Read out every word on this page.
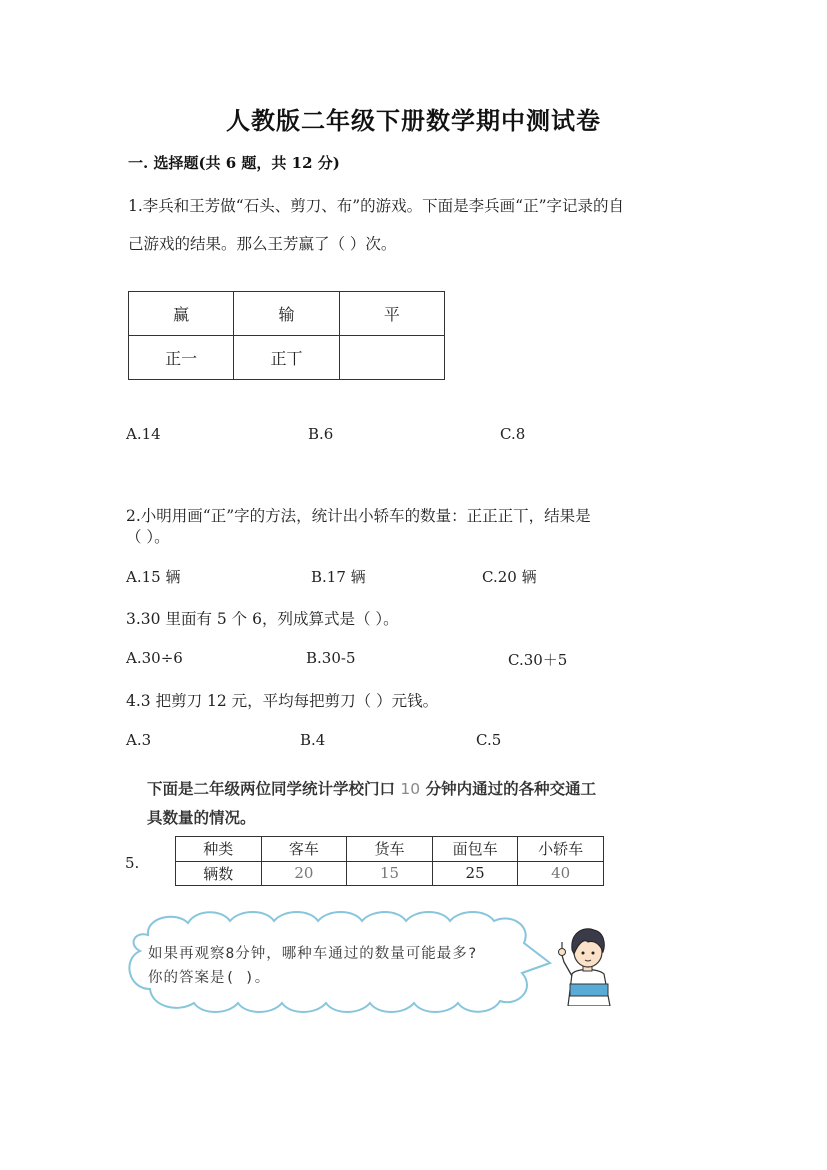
人教版二年级下册数学期中测试卷
一. 选择题(共 6 题，共 12 分)
1.李兵和王芳做“石头、剪刀、布”的游戏。下面是李兵画“正”字记录的自
己游戏的结果。那么王芳赢了（ ）次。
赢	输	平
正一	正丅	
A.14	B.6	C.8
2.小明用画“正”字的方法，统计出小轿车的数量：正正正丅，结果是
（ ）。
A.15 辆	B.17 辆	C.20 辆
3.30 里面有 5 个 6，列成算式是（ ）。
A.30÷6	B.30-5	C.30＋5
4.3 把剪刀 12 元，平均每把剪刀（ ）元钱。
A.3	B.4	C.5
下面是二年级两位同学统计学校门口 10 分钟内通过的各种交通工
具数量的情况。
5.
种类	客车	货车	面包车	小轿车
辆数	20	15	25	40
如果再观察8分钟，哪种车通过的数量可能最多?
你的答案是( )。
